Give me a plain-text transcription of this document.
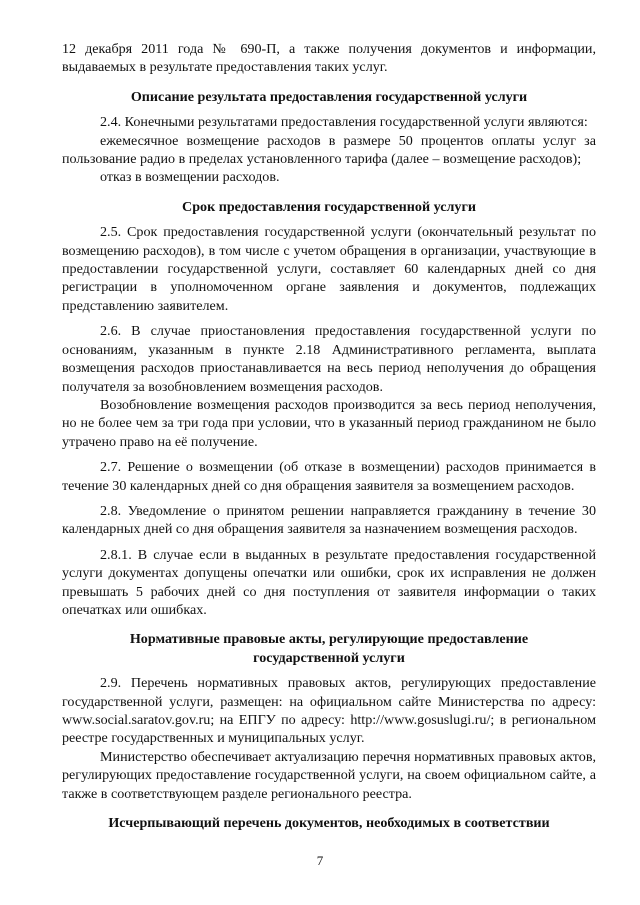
12 декабря 2011 года № 690-П, а также получения документов и информации, выдаваемых в результате предоставления таких услуг.

Описание результата предоставления государственной услуги

2.4. Конечными результатами предоставления государственной услуги являются:

ежемесячное возмещение расходов в размере 50 процентов оплаты услуг за пользование радио в пределах установленного тарифа (далее – возмещение расходов);

отказ в возмещении расходов.

Срок предоставления государственной услуги

2.5. Срок предоставления государственной услуги (окончательный результат по возмещению расходов), в том числе с учетом обращения в организации, участвующие в предоставлении государственной услуги, составляет 60 календарных дней со дня регистрации в уполномоченном органе заявления и документов, подлежащих представлению заявителем.

2.6. В случае приостановления предоставления государственной услуги по основаниям, указанным в пункте 2.18 Административного регламента, выплата возмещения расходов приостанавливается на весь период неполучения до обращения получателя за возобновлением возмещения расходов.

Возобновление возмещения расходов производится за весь период неполучения, но не более чем за три года при условии, что в указанный период гражданином не было утрачено право на её получение.

2.7. Решение о возмещении (об отказе в возмещении) расходов принимается в течение 30 календарных дней со дня обращения заявителя за возмещением расходов.

2.8. Уведомление о принятом решении направляется гражданину в течение 30 календарных дней со дня обращения заявителя за назначением возмещения расходов.

2.8.1. В случае если в выданных в результате предоставления государственной услуги документах допущены опечатки или ошибки, срок их исправления не должен превышать 5 рабочих дней со дня поступления от заявителя информации о таких опечатках или ошибках.

Нормативные правовые акты, регулирующие предоставление
государственной услуги

2.9. Перечень нормативных правовых актов, регулирующих предоставление государственной услуги, размещен: на официальном сайте Министерства по адресу: www.social.saratov.gov.ru; на ЕПГУ по адресу: http://www.gosuslugi.ru/; в региональном реестре государственных и муниципальных услуг.

Министерство обеспечивает актуализацию перечня нормативных правовых актов, регулирующих предоставление государственной услуги, на своем официальном сайте, а также в соответствующем разделе регионального реестра.

Исчерпывающий перечень документов, необходимых в соответствии
7
